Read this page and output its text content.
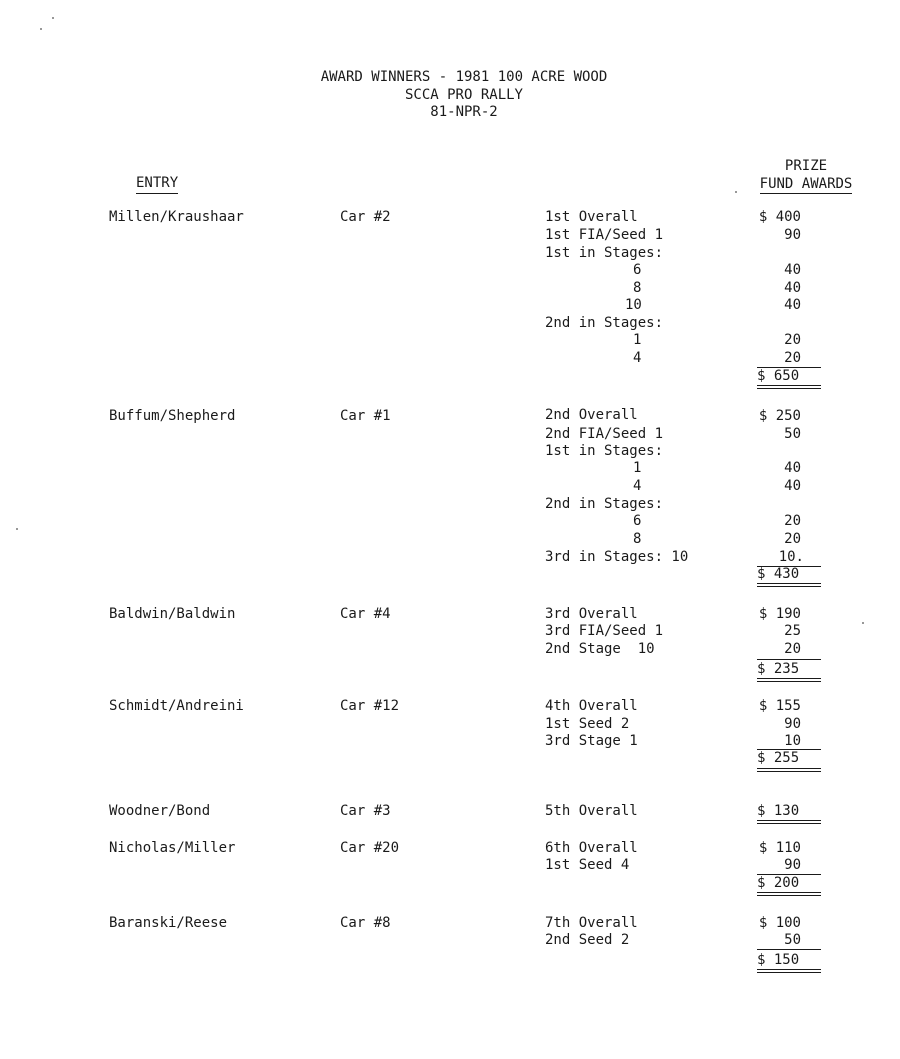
AWARD WINNERS - 1981 100 ACRE WOOD
SCCA PRO RALLY
81-NPR-2
ENTRY
PRIZE
FUND AWARDS
Millen/Kraushaar	Car #2	1st Overall	$ 400
1st FIA/Seed 1	90
1st in Stages:
6	40
8	40
10	40
2nd in Stages:
1	20
4	20
$ 650
Buffum/Shepherd	Car #1	2nd Overall	$ 250
2nd FIA/Seed 1	50
1st in Stages:
1	40
4	40
2nd in Stages:
6	20
8	20
3rd in Stages: 10	10.
$ 430
Baldwin/Baldwin	Car #4	3rd Overall	$ 190
3rd FIA/Seed 1	25
2nd Stage  10	20
$ 235
Schmidt/Andreini	Car #12	4th Overall	$ 155
1st Seed 2	90
3rd Stage 1	10
$ 255
Woodner/Bond	Car #3	5th Overall	$ 130
Nicholas/Miller	Car #20	6th Overall	$ 110
1st Seed 4	90
$ 200
Baranski/Reese	Car #8	7th Overall	$ 100
2nd Seed 2	50
$ 150
